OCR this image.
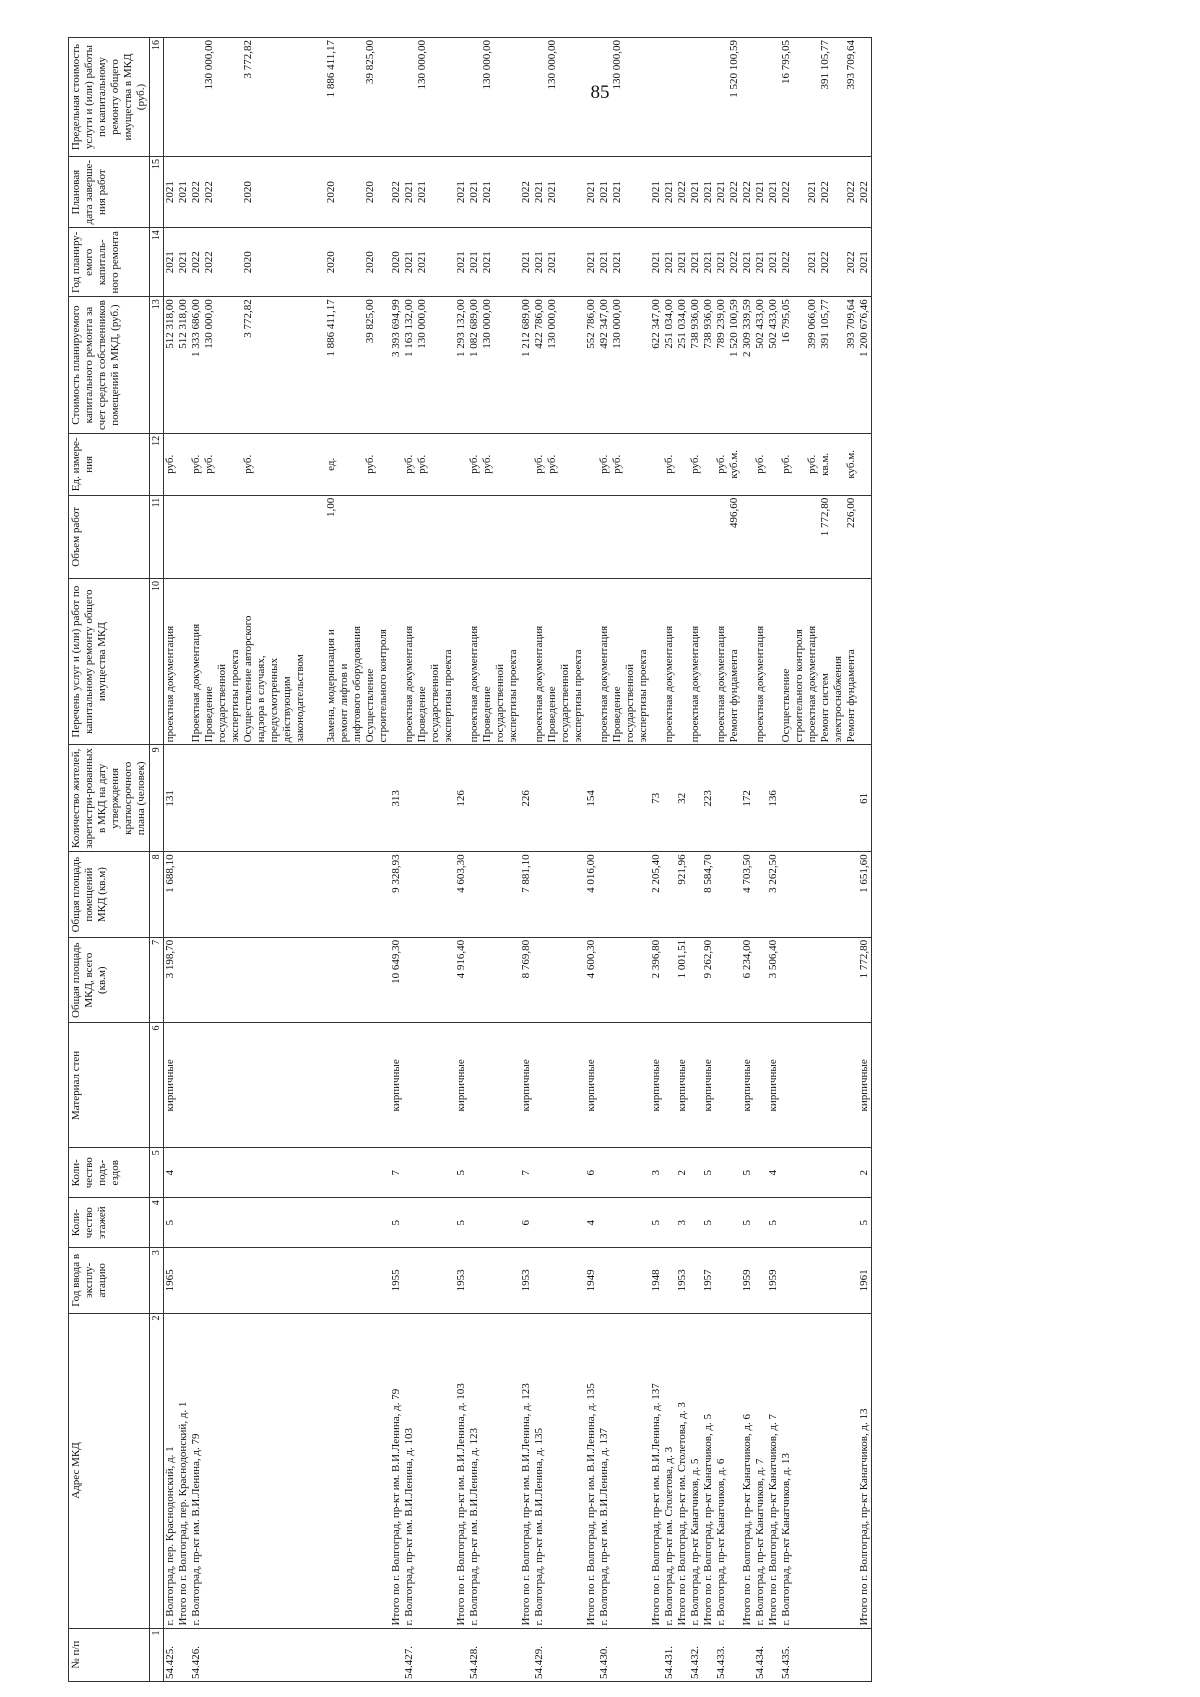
85
№ п/п	Адрес МКД	Год ввода в эксплу-атацию	Коли-чество этажей	Коли-чество подъ-ездов	Материал стен	Общая площадь МКД, всего (кв.м)	Общая площадь помещений МКД (кв.м)	Количество жителей, зарегистри-рованных в МКД на дату утверждения краткосрочного плана (человек)	Перечень услуг и (или) работ по капитальному ремонту общего имущества МКД	Объем работ	Ед. измере-ния	Стоимость планируемого капитального ремонта за счет средств собственников помещений в МКД, (руб.)	Год планиру-емого капиталь-ного ремонта	Плановая дата заверше-ния работ	Предельная стоимость услуги и (или) работы по капитальному ремонту общего имущества в МКД (руб.)
1	2	3	4	5	6	7	8	9	10	11	12	13	14	15	16
54.425.	г. Волгоград, пер. Краснодонский, д. 1	1965	5	4	кирпичные	3 198,70	1 688,10	131	проектная документация		руб.	512 318,00	2021	2021	
	Итого по г. Волгоград, пер. Краснодонский, д. 1											512 318,00	2021	2021	
54.426.	г. Волгоград, пр-кт им. В.И.Ленина, д. 79								Проектная документация		руб.	1 333 686,00	2022	2022	
									Проведение		руб.	130 000,00	2022	2022	130 000,00
									государственной						
									экспертизы проекта						
									Осуществление авторского		руб.	3 772,82	2020	2020	3 772,82
									надзора в случаях,						
									предусмотренных						
									действующим						
									законодательством						

									Замена, модернизация и	1,00	ед.	1 886 411,17	2020	2020	1 886 411,17
									ремонт лифтов и						
									лифтового оборудования						
									Осуществление		руб.	39 825,00	2020	2020	39 825,00
									строительного контроля						
	Итого по г. Волгоград, пр-кт им. В.И.Ленина, д. 79	1955	5	7	кирпичные	10 649,30	9 328,93	313				3 393 694,99	2020	2022	
54.427.	г. Волгоград, пр-кт им. В.И.Ленина, д. 103								проектная документация		руб.	1 163 132,00	2021	2021	
									Проведение		руб.	130 000,00	2021	2021	130 000,00
									государственной						
									экспертизы проекта						
	Итого по г. Волгоград, пр-кт им. В.И.Ленина, д. 103	1953	5	5	кирпичные	4 916,40	4 603,30	126				1 293 132,00	2021	2021	
54.428.	г. Волгоград, пр-кт им. В.И.Ленина, д. 123								проектная документация		руб.	1 082 689,00	2021	2021	
									Проведение		руб.	130 000,00	2021	2021	130 000,00
									государственной						
									экспертизы проекта						
	Итого по г. Волгоград, пр-кт им. В.И.Ленина, д. 123	1953	6	7	кирпичные	8 769,80	7 881,10	226				1 212 689,00	2021	2022	
54.429.	г. Волгоград, пр-кт им. В.И.Ленина, д. 135								проектная документация		руб.	422 786,00	2021	2021	
									Проведение		руб.	130 000,00	2021	2021	130 000,00
									государственной						
									экспертизы проекта						
	Итого по г. Волгоград, пр-кт им. В.И.Ленина, д. 135	1949	4	6	кирпичные	4 600,30	4 016,00	154				552 786,00	2021	2021	
54.430.	г. Волгоград, пр-кт им. В.И.Ленина, д. 137								проектная документация		руб.	492 347,00	2021	2021	
									Проведение		руб.	130 000,00	2021	2021	130 000,00
									государственной						
									экспертизы проекта						
	Итого по г. Волгоград, пр-кт им. В.И.Ленина, д. 137	1948	5	3	кирпичные	2 396,80	2 205,40	73				622 347,00	2021	2021	
54.431.	г. Волгоград, пр-кт им. Столетова, д. 3								проектная документация		руб.	251 034,00	2021	2021	
	Итого по г. Волгоград, пр-кт им. Столетова, д. 3	1953	3	2	кирпичные	1 001,51	921,96	32				251 034,00	2021	2022	
54.432.	г. Волгоград, пр-кт Канатчиков, д. 5								проектная документация		руб.	738 936,00	2021	2021	
	Итого по г. Волгоград, пр-кт Канатчиков, д. 5	1957	5	5	кирпичные	9 262,90	8 584,70	223				738 936,00	2021	2021	
54.433.	г. Волгоград, пр-кт Канатчиков, д. 6								проектная документация		руб.	789 239,00	2021	2021	
									Ремонт фундамента	496,60	куб.м.	1 520 100,59	2022	2022	1 520 100,59
	Итого по г. Волгоград, пр-кт Канатчиков, д. 6	1959	5	5	кирпичные	6 234,00	4 703,50	172				2 309 339,59	2021	2022	
54.434.	г. Волгоград, пр-кт Канатчиков, д. 7								проектная документация		руб.	502 433,00	2021	2021	
	Итого по г. Волгоград, пр-кт Канатчиков, д. 7	1959	5	4	кирпичные	3 506,40	3 262,50	136				502 433,00	2021	2021	
54.435.	г. Волгоград, пр-кт Канатчиков, д. 13								Осуществление		руб.	16 795,05	2022	2022	16 795,05
									строительного контроля						
									проектная документация		руб.	399 066,00	2021	2021	
									Ремонт систем	1 772,80	кв.м.	391 105,77	2022	2022	391 105,77
									электроснабжения						
									Ремонт фундамента	226,00	куб.м.	393 709,64	2022	2022	393 709,64
	Итого по г. Волгоград, пр-кт Канатчиков, д. 13	1961	5	2	кирпичные	1 772,80	1 651,60	61				1 200 676,46	2021	2022	
